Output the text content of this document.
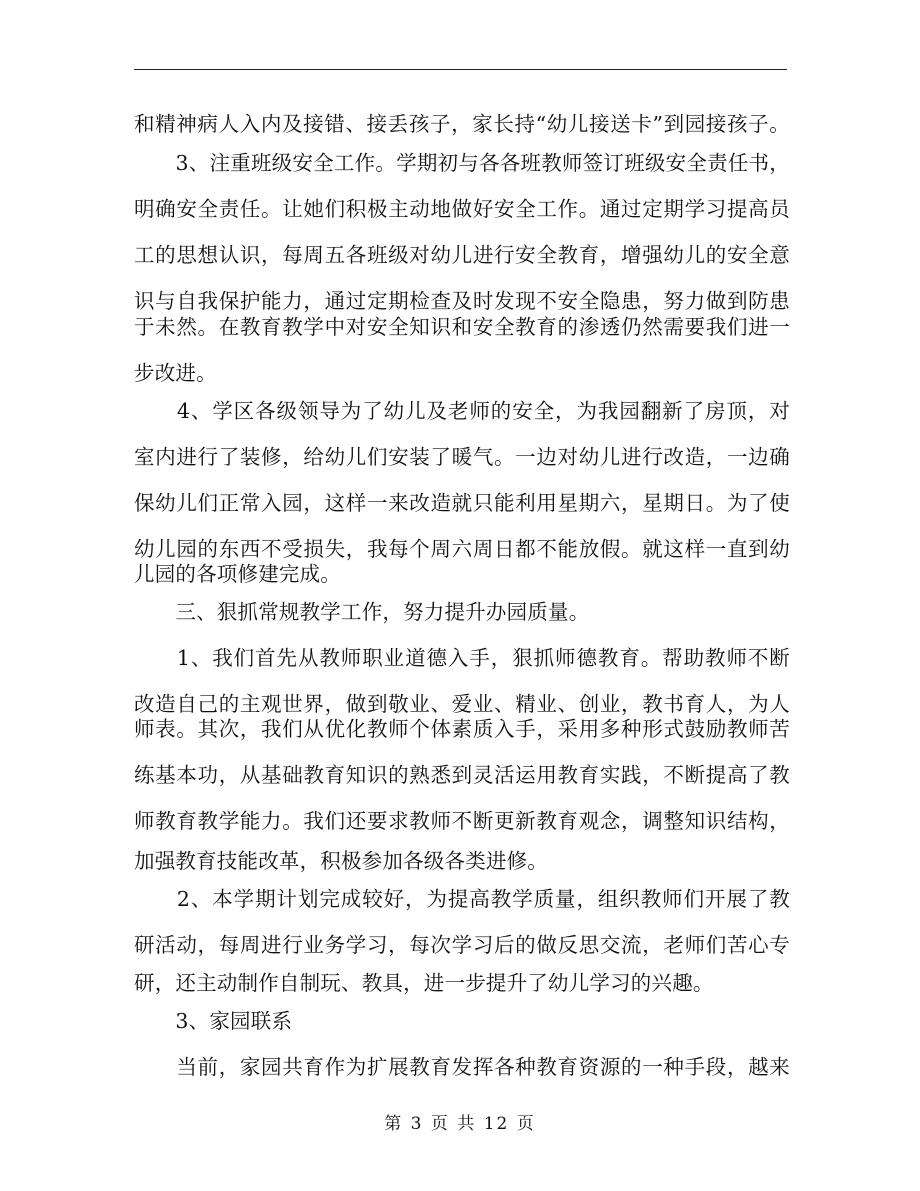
和精神病人入内及接错、接丢孩子，家长持“幼儿接送卡”到园接孩子。
　　3、注重班级安全工作。学期初与各各班教师签订班级安全责任书，
明确安全责任。让她们积极主动地做好安全工作。通过定期学习提高员
工的思想认识，每周五各班级对幼儿进行安全教育，增强幼儿的安全意
识与自我保护能力，通过定期检查及时发现不安全隐患，努力做到防患
于未然。在教育教学中对安全知识和安全教育的渗透仍然需要我们进一
步改进。
　　4、学区各级领导为了幼儿及老师的安全，为我园翻新了房顶，对
室内进行了装修，给幼儿们安装了暖气。一边对幼儿进行改造，一边确
保幼儿们正常入园，这样一来改造就只能利用星期六，星期日。为了使
幼儿园的东西不受损失，我每个周六周日都不能放假。就这样一直到幼
儿园的各项修建完成。
　　三、狠抓常规教学工作，努力提升办园质量。
　　1、我们首先从教师职业道德入手，狠抓师德教育。帮助教师不断
改造自己的主观世界，做到敬业、爱业、精业、创业，教书育人，为人
师表。其次，我们从优化教师个体素质入手，采用多种形式鼓励教师苦
练基本功，从基础教育知识的熟悉到灵活运用教育实践，不断提高了教
师教育教学能力。我们还要求教师不断更新教育观念，调整知识结构，
加强教育技能改革，积极参加各级各类进修。
　　2、本学期计划完成较好，为提高教学质量，组织教师们开展了教
研活动，每周进行业务学习，每次学习后的做反思交流，老师们苦心专
研，还主动制作自制玩、教具，进一步提升了幼儿学习的兴趣。
　　3、家园联系
　　当前，家园共育作为扩展教育发挥各种教育资源的一种手段，越来
第 3 页 共 12 页
